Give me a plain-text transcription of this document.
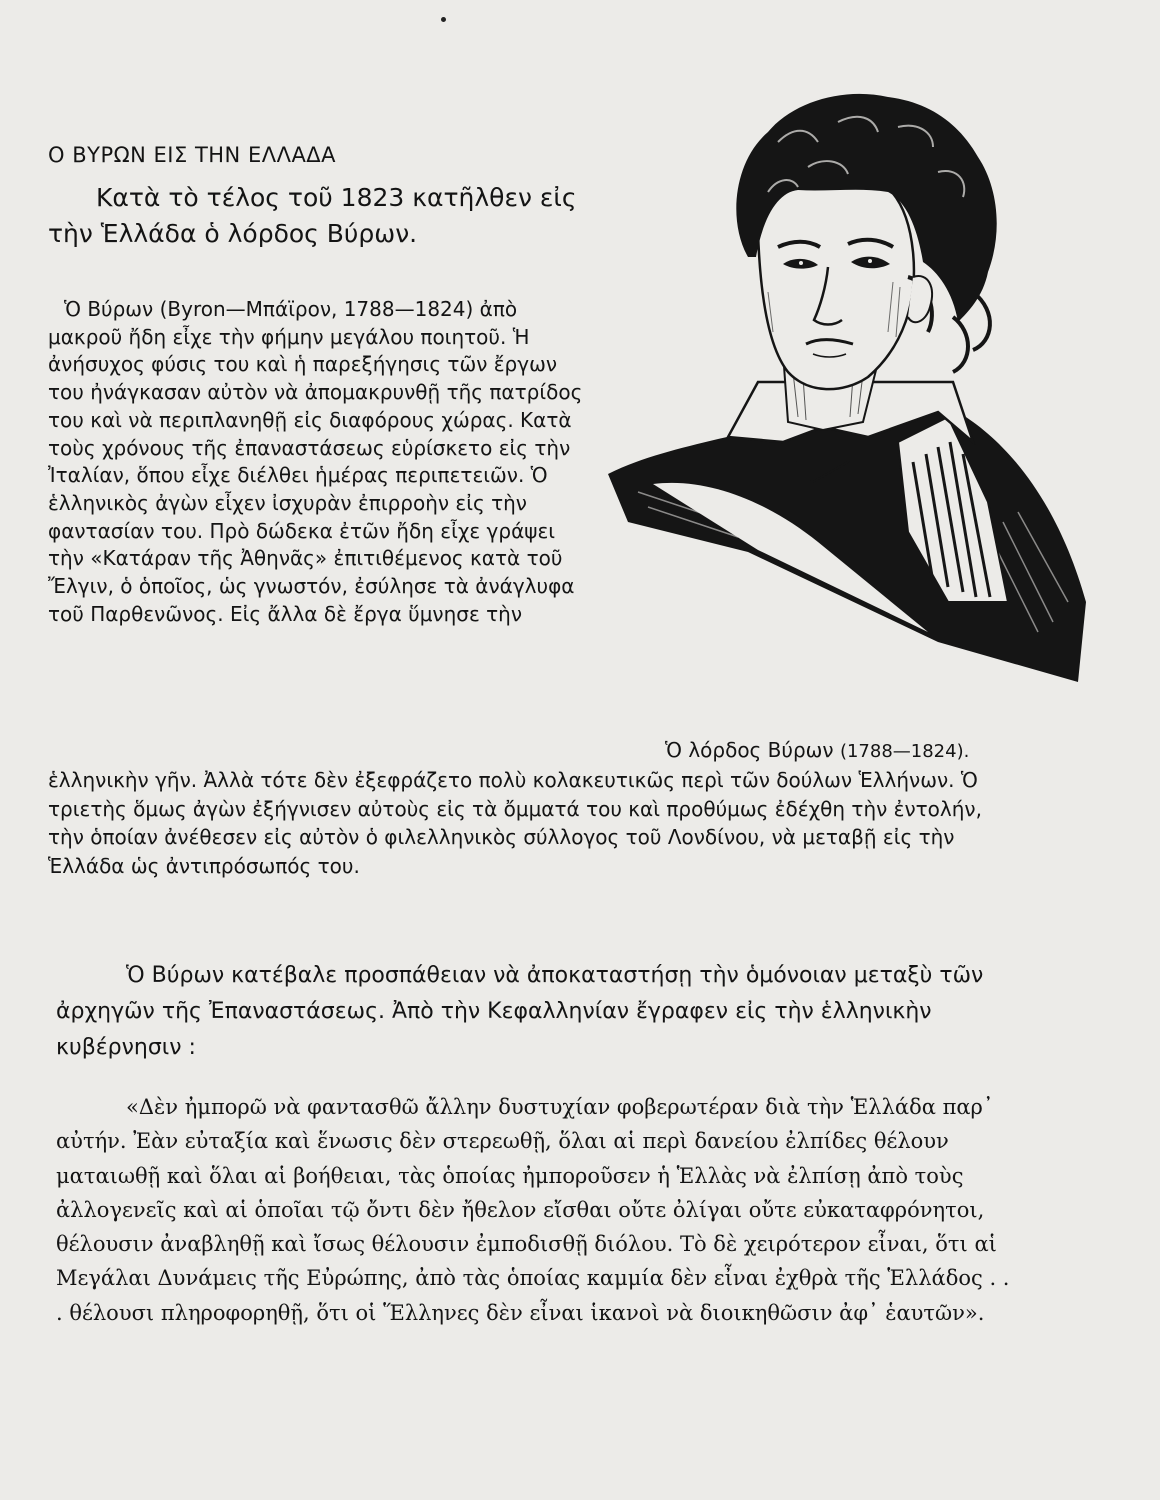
Ο ΒΥΡΩΝ ΕΙΣ ΤΗΝ ΕΛΛΑΔΑ
Κατὰ τὸ τέλος τοῦ 1823 κατῆλθεν εἰς τὴν Ἑλλάδα ὁ λόρδος Βύρων.
Ὁ Βύρων (Byron—Μπάϊρον, 1788—1824) ἀπὸ μακροῦ ἤδη εἶχε τὴν φήμην μεγάλου ποιητοῦ. Ἡ ἀνήσυχος φύσις του καὶ ἡ παρεξήγησις τῶν ἔργων του ἠνάγκασαν αὐτὸν νὰ ἀπομακρυνθῇ τῆς πατρίδος του καὶ νὰ περιπλανηθῇ εἰς διαφόρους χώρας. Κατὰ τοὺς χρόνους τῆς ἐπαναστάσεως εὑρίσκετο εἰς τὴν Ἰταλίαν, ὅπου εἶχε διέλθει ἡμέρας περιπετειῶν. Ὁ ἑλληνικὸς ἀγὼν εἶχεν ἰσχυρὰν ἐπιρροὴν εἰς τὴν φαντασίαν του. Πρὸ δώδεκα ἐτῶν ἤδη εἶχε γράψει τὴν «Κατάραν τῆς Ἀθηνᾶς» ἐπιτιθέμενος κατὰ τοῦ Ἔλγιν, ὁ ὁποῖος, ὡς γνωστόν, ἐσύλησε τὰ ἀνάγλυφα τοῦ Παρθενῶνος. Εἰς ἄλλα δὲ ἔργα ὕμνησε τὴν
Ὁ λόρδος Βύρων (1788—1824).
ἑλληνικὴν γῆν. Ἀλλὰ τότε δὲν ἐξεφράζετο πολὺ κολακευτικῶς περὶ τῶν δούλων Ἑλλήνων. Ὁ τριετὴς ὅμως ἀγὼν ἐξήγνισεν αὐτοὺς εἰς τὰ ὄμματά του καὶ προθύμως ἐδέχθη τὴν ἐντολήν, τὴν ὁποίαν ἀνέθεσεν εἰς αὐτὸν ὁ φιλελληνικὸς σύλλογος τοῦ Λονδίνου, νὰ μεταβῇ εἰς τὴν Ἑλλάδα ὡς ἀντιπρόσωπός του.
Ὁ Βύρων κατέβαλε προσπάθειαν νὰ ἀποκαταστήσῃ τὴν ὁμόνοιαν μεταξὺ τῶν ἀρχηγῶν τῆς Ἐπαναστάσεως. Ἀπὸ τὴν Κεφαλληνίαν ἔγραφεν εἰς τὴν ἑλληνικὴν κυβέρνησιν :
«Δὲν ἠμπορῶ νὰ φαντασθῶ ἄλλην δυστυχίαν φοβερωτέραν διὰ τὴν Ἑλλάδα παρ᾽ αὐτήν. Ἐὰν εὐταξία καὶ ἕνωσις δὲν στερεωθῇ, ὅλαι αἱ περὶ δανείου ἐλπίδες θέλουν ματαιωθῇ καὶ ὅλαι αἱ βοήθειαι, τὰς ὁποίας ἠμποροῦσεν ἡ Ἑλλὰς νὰ ἐλπίσῃ ἀπὸ τοὺς ἀλλογενεῖς καὶ αἱ ὁποῖαι τῷ ὄντι δὲν ἤθελον εἴσθαι οὔτε ὀλίγαι οὔτε εὐκαταφρόνητοι, θέλουσιν ἀναβληθῇ καὶ ἴσως θέλουσιν ἐμποδισθῇ διόλου. Τὸ δὲ χειρότερον εἶναι, ὅτι αἱ Μεγάλαι Δυνάμεις τῆς Εὐρώπης, ἀπὸ τὰς ὁποίας καμμία δὲν εἶναι ἐχθρὰ τῆς Ἑλλάδος . . . θέλουσι πληροφορηθῇ, ὅτι οἱ Ἕλληνες δὲν εἶναι ἱκανοὶ νὰ διοικηθῶσιν ἀφ᾽ ἑαυτῶν».
